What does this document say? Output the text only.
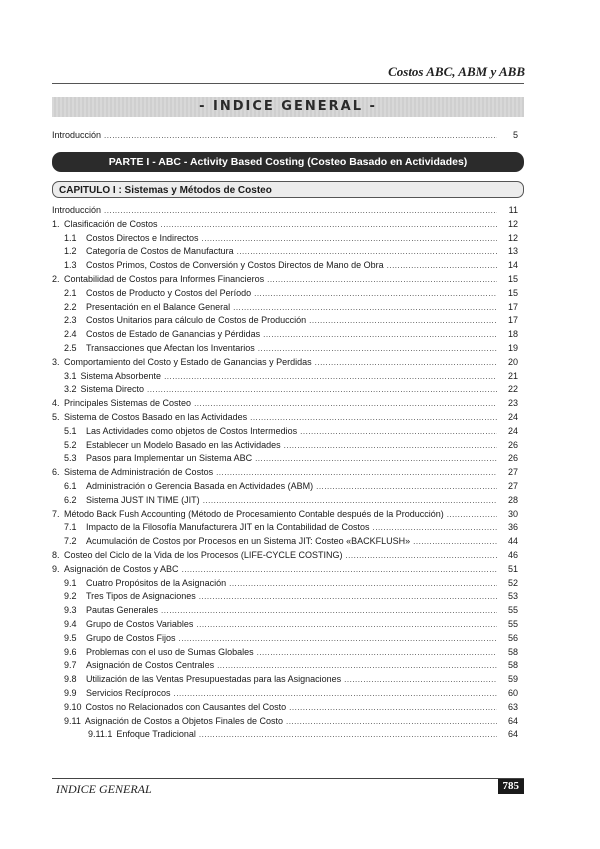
Costos ABC, ABM y ABB
- INDICE GENERAL -
Introducción .....	5
PARTE I - ABC - Activity Based Costing (Costeo Basado en Actividades)
CAPITULO I : Sistemas y Métodos de Costeo
Introducción .....	11
1. Clasificación de Costos .....	12
1.1	Costos Directos e Indirectos .....	12
1.2	Categoría de Costos de Manufactura .....	13
1.3	Costos Primos, Costos de Conversión y Costos Directos de Mano de Obra .....	14
2. Contabilidad de Costos para Informes Financieros .....	15
2.1	Costos de Producto y Costos del Período .....	15
2.2	Presentación en el Balance General .....	17
2.3	Costos Unitarios para cálculo de Costos de Producción .....	17
2.4	Costos de Estado de Ganancias y Pérdidas .....	18
2.5	Transacciones que Afectan los Inventarios .....	19
3. Comportamiento del Costo y Estado de Ganancias y Perdidas .....	20
3.1 Sistema Absorbente .....	21
3.2 Sistema Directo .....	22
4. Principales Sistemas de Costeo .....	23
5. Sistema de Costos Basado en las Actividades .....	24
5.1	Las Actividades como objetos de Costos Intermedios .....	24
5.2	Establecer un Modelo Basado en las Actividades .....	26
5.3	Pasos para Implementar un Sistema ABC .....	26
6. Sistema de Administración de Costos .....	27
6.1	Administración o Gerencia Basada en Actividades (ABM) .....	27
6.2	Sistema JUST IN TIME (JIT) .....	28
7. Método Back Fush Accounting (Método de Procesamiento Contable después de la Producción) .....	30
7.1	Impacto de la Filosofía Manufacturera JIT en la Contabilidad de Costos .....	36
7.2	Acumulación de Costos por Procesos en un Sistema JIT: Costeo «BACKFLUSH» .....	44
8. Costeo del Ciclo de la Vida de los Procesos (LIFE-CYCLE COSTING) .....	46
9. Asignación de Costos y ABC .....	51
9.1	Cuatro Propósitos de la Asignación .....	52
9.2	Tres Tipos de Asignaciones .....	53
9.3	Pautas Generales .....	55
9.4	Grupo de Costos Variables .....	55
9.5	Grupo de Costos Fijos .....	56
9.6	Problemas con el uso de Sumas Globales .....	58
9.7	Asignación de Costos Centrales .....	58
9.8	Utilización de las Ventas Presupuestadas para las Asignaciones .....	59
9.9	Servicios Recíprocos .....	60
9.10 Costos no Relacionados con Causantes del Costo .....	63
9.11 Asignación de Costos a Objetos Finales de Costo .....	64
9.11.1 Enfoque Tradicional .....	64
INDICE GENERAL	785
